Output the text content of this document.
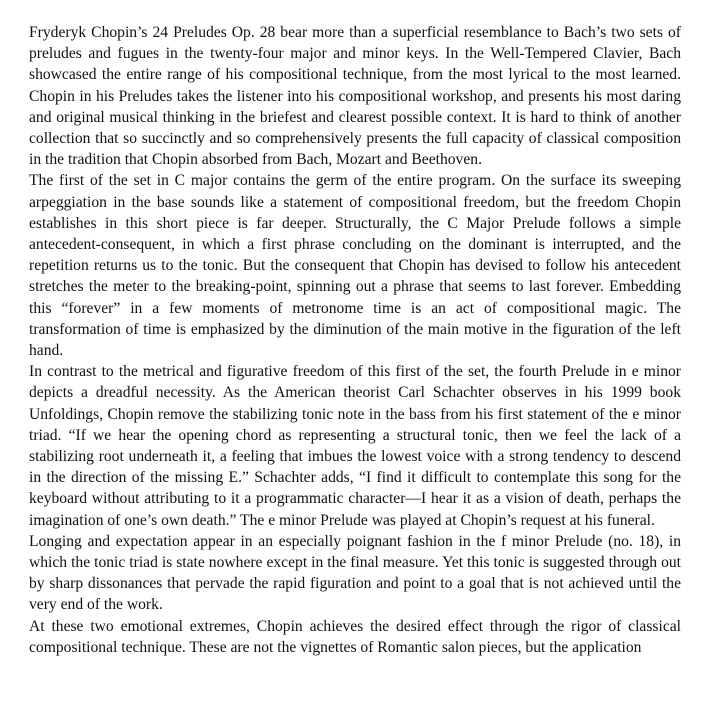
Fryderyk Chopin’s 24 Preludes Op. 28 bear more than a superficial resemblance to Bach’s two sets of preludes and fugues in the twenty-four major and minor keys. In the Well-Tempered Clavier, Bach showcased the entire range of his compositional technique, from the most lyrical to the most learned. Chopin in his Preludes takes the listener into his compositional workshop, and presents his most daring and original musical thinking in the briefest and clearest possible context. It is hard to think of another collection that so succinctly and so comprehensively presents the full capacity of classical composition in the tradition that Chopin absorbed from Bach, Mozart and Beethoven.

The first of the set in C major contains the germ of the entire program. On the surface its sweeping arpeggiation in the base sounds like a statement of compositional freedom, but the freedom Chopin establishes in this short piece is far deeper. Structurally, the C Major Prelude follows a simple antecedent-consequent, in which a first phrase concluding on the dominant is interrupted, and the repetition returns us to the tonic. But the consequent that Chopin has devised to follow his antecedent stretches the meter to the breaking-point, spinning out a phrase that seems to last forever. Embedding this “forever” in a few moments of metronome time is an act of compositional magic. The transformation of time is emphasized by the diminution of the main motive in the figuration of the left hand.

In contrast to the metrical and figurative freedom of this first of the set, the fourth Prelude in e minor depicts a dreadful necessity. As the American theorist Carl Schachter observes in his 1999 book Unfoldings, Chopin remove the stabilizing tonic note in the bass from his first statement of the e minor triad. “If we hear the opening chord as representing a structural tonic, then we feel the lack of a stabilizing root underneath it, a feeling that imbues the lowest voice with a strong tendency to descend in the direction of the missing E.” Schachter adds, “I find it difficult to contemplate this song for the keyboard without attributing to it a programmatic character—I hear it as a vision of death, perhaps the imagination of one’s own death.” The e minor Prelude was played at Chopin’s request at his funeral.

Longing and expectation appear in an especially poignant fashion in the f minor Prelude (no. 18), in which the tonic triad is state nowhere except in the final measure. Yet this tonic is suggested through out by sharp dissonances that pervade the rapid figuration and point to a goal that is not achieved until the very end of the work.

At these two emotional extremes, Chopin achieves the desired effect through the rigor of classical compositional technique. These are not the vignettes of Romantic salon pieces, but the application
